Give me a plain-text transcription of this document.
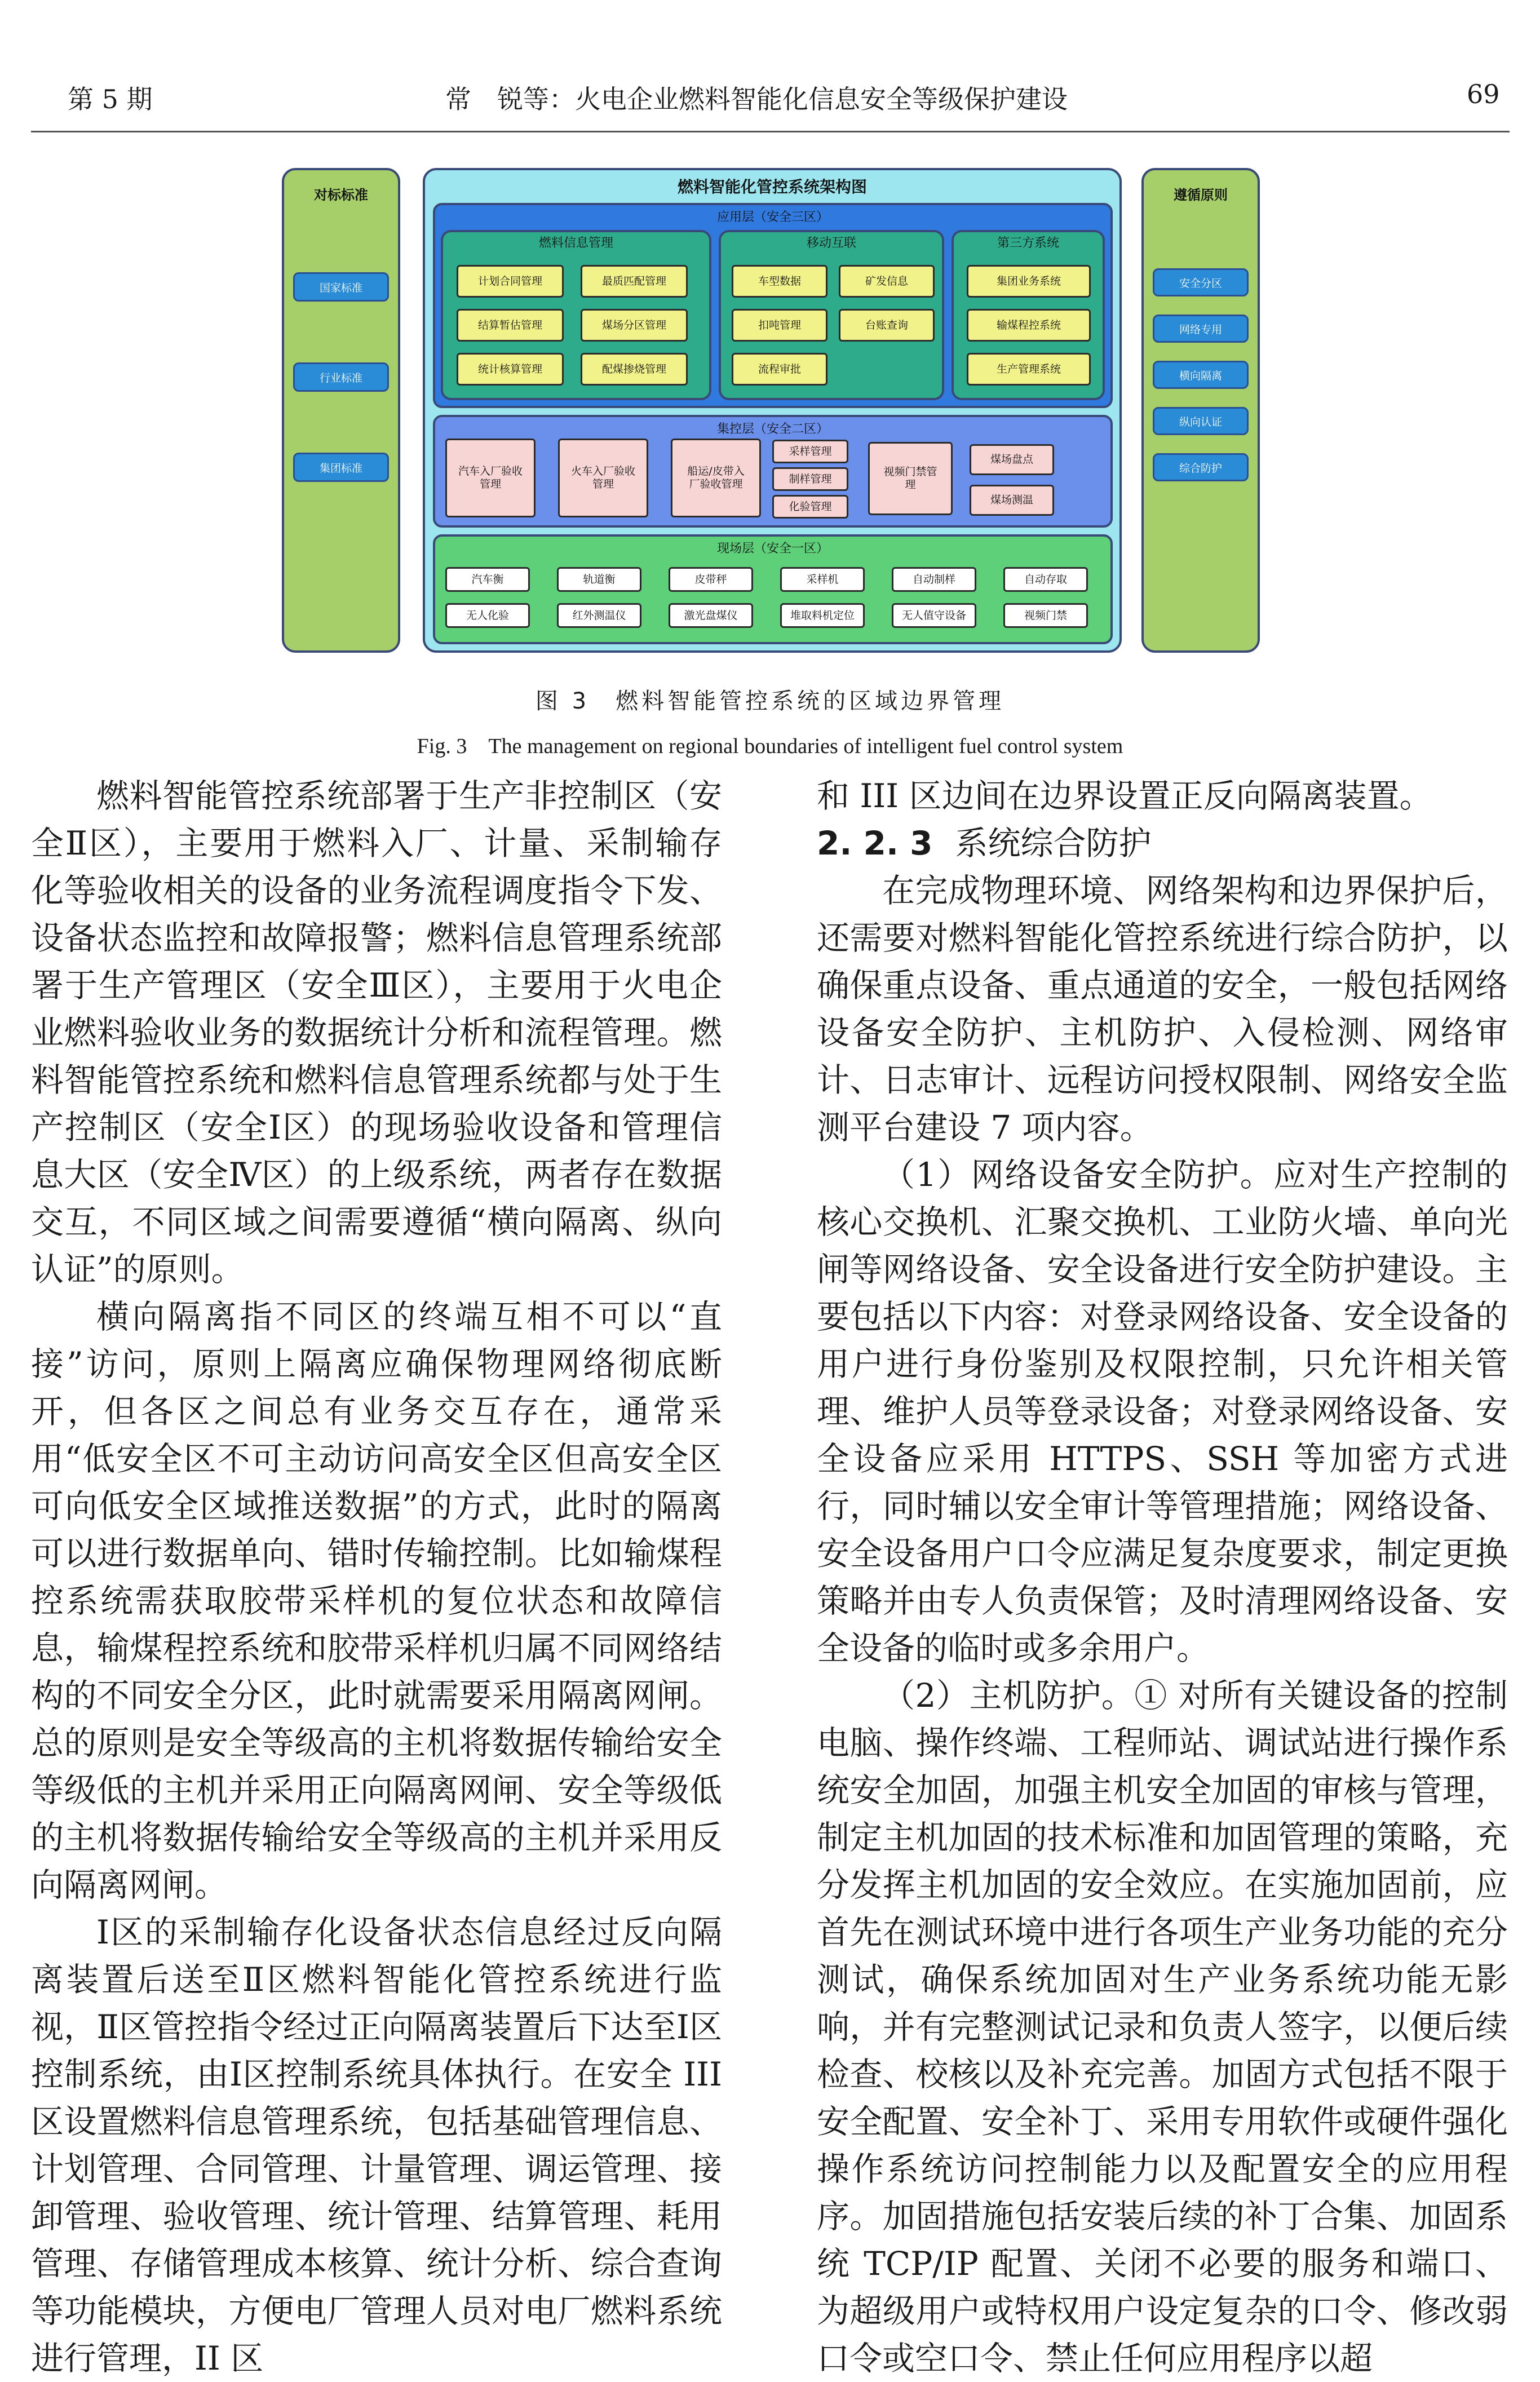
第 5 期	常　锐等：火电企业燃料智能化信息安全等级保护建设	69
对标标准
国家标准
行业标准
集团标准
遵循原则
安全分区
网络专用
横向隔离
纵向认证
综合防护
燃料智能化管控系统架构图
应用层（安全三区）
燃料信息管理
计划合同管理	最质匹配管理
结算暂估管理	煤场分区管理
统计核算管理	配煤掺烧管理
移动互联
车型数据	矿发信息
扣吨管理	台账查询
流程审批
第三方系统
集团业务系统
输煤程控系统
生产管理系统
集控层（安全二区）
汽车入厂验收管理
火车入厂验收管理
船运/皮带入厂验收管理
采样管理
制样管理
化验管理
视频门禁管理
煤场盘点
煤场测温
现场层（安全一区）
汽车衡	轨道衡	皮带秤	采样机	自动制样	自动存取
无人化验	红外测温仪	激光盘煤仪	堆取料机定位	无人值守设备	视频门禁
图 3　燃料智能管控系统的区域边界管理
Fig. 3　The management on regional boundaries of intelligent fuel control system

燃料智能管控系统部署于生产非控制区（安全Ⅱ区），主要用于燃料入厂、计量、采制输存化等验收相关的设备的业务流程调度指令下发、设备状态监控和故障报警；燃料信息管理系统部署于生产管理区（安全Ⅲ区），主要用于火电企业燃料验收业务的数据统计分析和流程管理。燃料智能管控系统和燃料信息管理系统都与处于生产控制区（安全Ⅰ区）的现场验收设备和管理信息大区（安全Ⅳ区）的上级系统，两者存在数据交互，不同区域之间需要遵循“横向隔离、纵向认证”的原则。

横向隔离指不同区的终端互相不可以“直接”访问，原则上隔离应确保物理网络彻底断开，但各区之间总有业务交互存在，通常采用“低安全区不可主动访问高安全区但高安全区可向低安全区域推送数据”的方式，此时的隔离可以进行数据单向、错时传输控制。比如输煤程控系统需获取胶带采样机的复位状态和故障信息，输煤程控系统和胶带采样机归属不同网络结构的不同安全分区，此时就需要采用隔离网闸。总的原则是安全等级高的主机将数据传输给安全等级低的主机并采用正向隔离网闸、安全等级低的主机将数据传输给安全等级高的主机并采用反向隔离网闸。

Ⅰ区的采制输存化设备状态信息经过反向隔离装置后送至Ⅱ区燃料智能化管控系统进行监视，Ⅱ区管控指令经过正向隔离装置后下达至Ⅰ区控制系统，由Ⅰ区控制系统具体执行。在安全 III 区设置燃料信息管理系统，包括基础管理信息、计划管理、合同管理、计量管理、调运管理、接卸管理、验收管理、统计管理、结算管理、耗用管理、存储管理成本核算、统计分析、综合查询等功能模块，方便电厂管理人员对电厂燃料系统进行管理，II 区

和 III 区边间在边界设置正反向隔离装置。

2. 2. 3 系统综合防护

在完成物理环境、网络架构和边界保护后，还需要对燃料智能化管控系统进行综合防护，以确保重点设备、重点通道的安全，一般包括网络设备安全防护、主机防护、入侵检测、网络审计、日志审计、远程访问授权限制、网络安全监测平台建设 7 项内容。

（1）网络设备安全防护。应对生产控制的核心交换机、汇聚交换机、工业防火墙、单向光闸等网络设备、安全设备进行安全防护建设。主要包括以下内容：对登录网络设备、安全设备的用户进行身份鉴别及权限控制，只允许相关管理、维护人员等登录设备；对登录网络设备、安全设备应采用 HTTPS、SSH 等加密方式进行，同时辅以安全审计等管理措施；网络设备、安全设备用户口令应满足复杂度要求，制定更换策略并由专人负责保管；及时清理网络设备、安全设备的临时或多余用户。

（2）主机防护。① 对所有关键设备的控制电脑、操作终端、工程师站、调试站进行操作系统安全加固，加强主机安全加固的审核与管理，制定主机加固的技术标准和加固管理的策略，充分发挥主机加固的安全效应。在实施加固前，应首先在测试环境中进行各项生产业务功能的充分测试，确保系统加固对生产业务系统功能无影响，并有完整测试记录和负责人签字，以便后续检查、校核以及补充完善。加固方式包括不限于安全配置、安全补丁、采用专用软件或硬件强化操作系统访问控制能力以及配置安全的应用程序。加固措施包括安装后续的补丁合集、加固系统 TCP/IP 配置、关闭不必要的服务和端口、为超级用户或特权用户设定复杂的口令、修改弱口令或空口令、禁止任何应用程序以超
